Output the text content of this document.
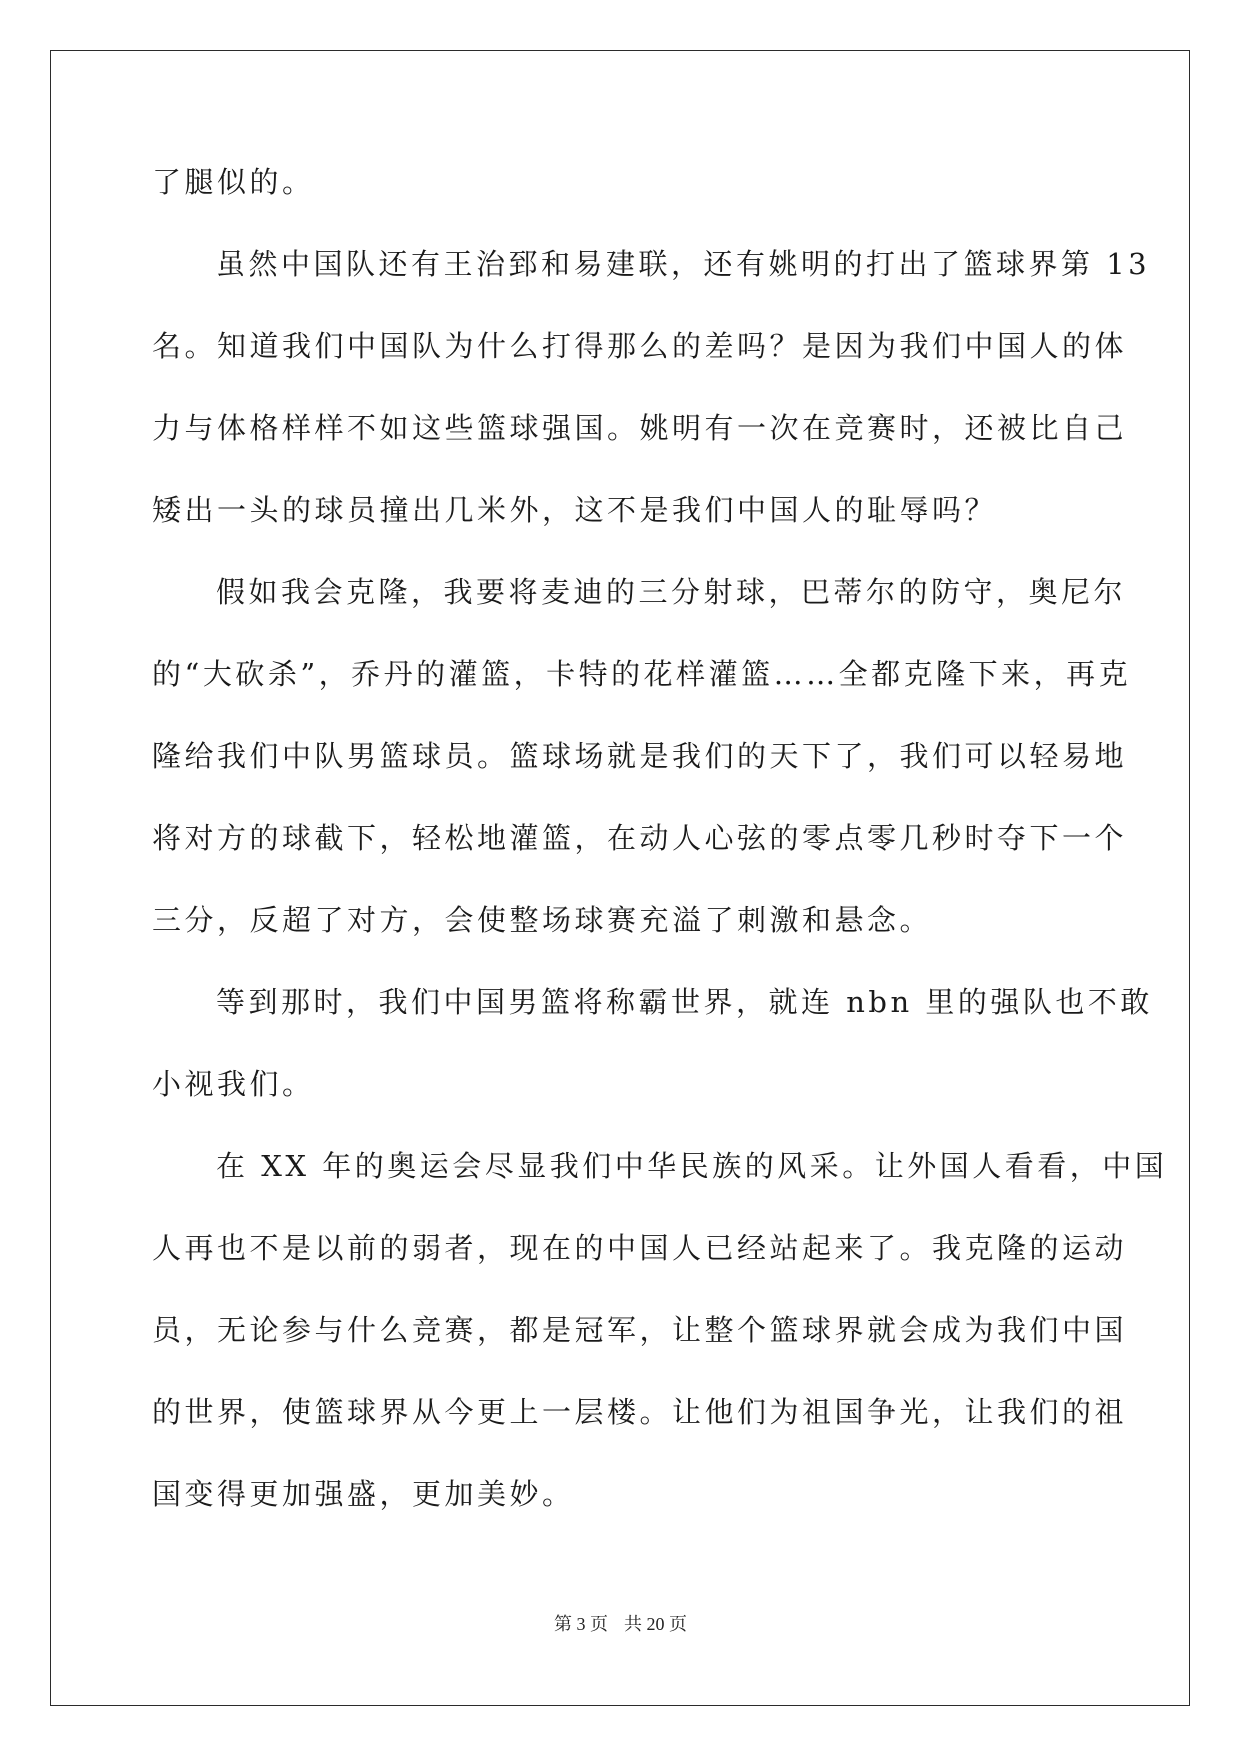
了腿似的。
虽然中国队还有王治郅和易建联，还有姚明的打出了篮球界第 13
名。知道我们中国队为什么打得那么的差吗？是因为我们中国人的体
力与体格样样不如这些篮球强国。姚明有一次在竞赛时，还被比自己
矮出一头的球员撞出几米外，这不是我们中国人的耻辱吗？
假如我会克隆，我要将麦迪的三分射球，巴蒂尔的防守，奥尼尔
的“大砍杀”，乔丹的灌篮，卡特的花样灌篮……全都克隆下来，再克
隆给我们中队男篮球员。篮球场就是我们的天下了，我们可以轻易地
将对方的球截下，轻松地灌篮，在动人心弦的零点零几秒时夺下一个
三分，反超了对方，会使整场球赛充溢了刺激和悬念。
等到那时，我们中国男篮将称霸世界，就连 nbn 里的强队也不敢
小视我们。
在 XX 年的奥运会尽显我们中华民族的风采。让外国人看看，中国
人再也不是以前的弱者，现在的中国人已经站起来了。我克隆的运动
员，无论参与什么竞赛，都是冠军，让整个篮球界就会成为我们中国
的世界，使篮球界从今更上一层楼。让他们为祖国争光，让我们的祖
国变得更加强盛，更加美妙。
第 3 页 共 20 页
